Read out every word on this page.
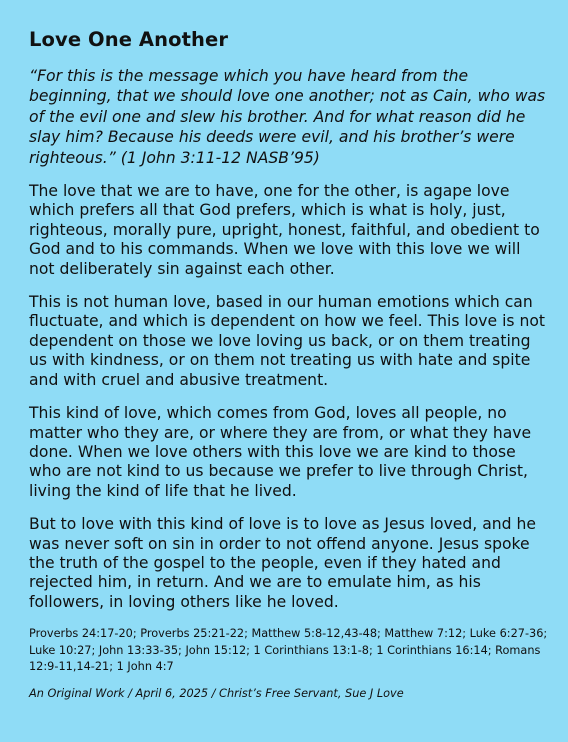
Love One Another

“For this is the message which you have heard from the beginning, that we should love one another; not as Cain, who was of the evil one and slew his brother. And for what reason did he slay him? Because his deeds were evil, and his brother’s were righteous.” (1 John 3:11-12 NASB’95)

The love that we are to have, one for the other, is agape love which prefers all that God prefers, which is what is holy, just, righteous, morally pure, upright, honest, faithful, and obedient to God and to his commands. When we love with this love we will not deliberately sin against each other.

This is not human love, based in our human emotions which can fluctuate, and which is dependent on how we feel. This love is not dependent on those we love loving us back, or on them treating us with kindness, or on them not treating us with hate and spite and with cruel and abusive treatment.

This kind of love, which comes from God, loves all people, no matter who they are, or where they are from, or what they have done. When we love others with this love we are kind to those who are not kind to us because we prefer to live through Christ, living the kind of life that he lived.

But to love with this kind of love is to love as Jesus loved, and he was never soft on sin in order to not offend anyone. Jesus spoke the truth of the gospel to the people, even if they hated and rejected him, in return. And we are to emulate him, as his followers, in loving others like he loved.

Proverbs 24:17-20; Proverbs 25:21-22; Matthew 5:8-12,43-48; Matthew 7:12; Luke 6:27-36; Luke 10:27; John 13:33-35; John 15:12; 1 Corinthians 13:1-8; 1 Corinthians 16:14; Romans 12:9-11,14-21; 1 John 4:7

An Original Work / April 6, 2025 / Christ’s Free Servant, Sue J Love
